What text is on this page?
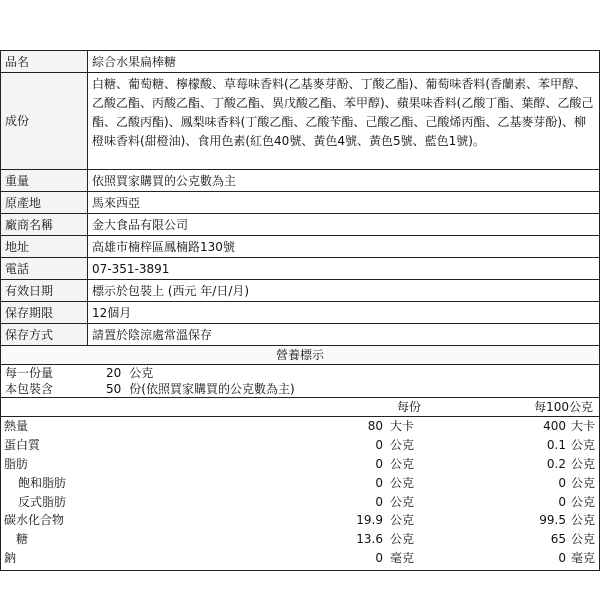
品名	綜合水果扁棒糖
成份	白糖、葡萄糖、檸檬酸、草莓味香料(乙基麥芽酚、丁酸乙酯)、葡萄味香料(香蘭素、苯甲醇、乙酸乙酯、丙酸乙酯、丁酸乙酯、異戊酸乙酯、苯甲醇)、蘋果味香料(乙酸丁酯、葉醇、乙酸己酯、乙酸丙酯)、鳳梨味香料(丁酸乙酯、乙酸苄酯、己酸乙酯、己酸烯丙酯、乙基麥芽酚)、柳橙味香料(甜橙油)、食用色素(紅色40號、黃色4號、黃色5號、藍色1號)。
重量	依照買家購買的公克數為主
原產地	馬來西亞
廠商名稱	金大食品有限公司
地址	高雄市楠梓區鳳楠路130號
電話	07-351-3891
有效日期	標示於包裝上 (西元 年/日/月)
保存期限	12個月
保存方式	請置於陰涼處常溫保存
營養標示
每一份量	20 公克
本包裝含	50 份(依照買家購買的公克數為主)
每份	每100公克
熱量	80 大卡	400 大卡
蛋白質	0 公克	0.1 公克
脂肪	0 公克	0.2 公克
飽和脂肪	0 公克	0 公克
反式脂肪	0 公克	0 公克
碳水化合物	19.9 公克	99.5 公克
糖	13.6 公克	65 公克
鈉	0 毫克	0 毫克
